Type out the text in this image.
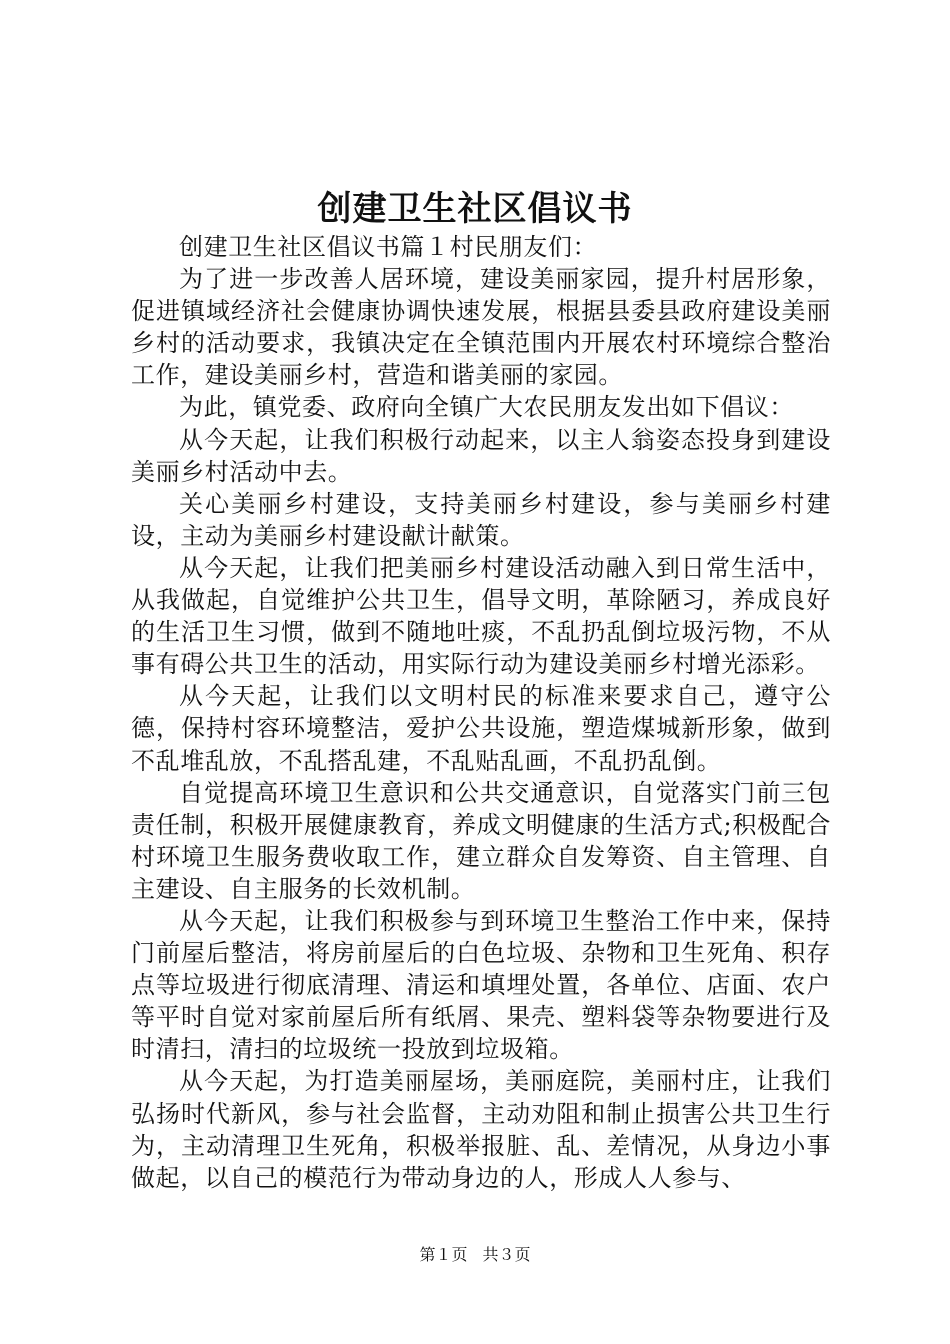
创建卫生社区倡议书

创建卫生社区倡议书篇１村民朋友们：

为了进一步改善人居环境，建设美丽家园，提升村居形象，促进镇域经济社会健康协调快速发展，根据县委县政府建设美丽乡村的活动要求，我镇决定在全镇范围内开展农村环境综合整治工作，建设美丽乡村，营造和谐美丽的家园。

为此，镇党委、政府向全镇广大农民朋友发出如下倡议：

从今天起，让我们积极行动起来，以主人翁姿态投身到建设美丽乡村活动中去。

关心美丽乡村建设，支持美丽乡村建设，参与美丽乡村建设，主动为美丽乡村建设献计献策。

从今天起，让我们把美丽乡村建设活动融入到日常生活中，从我做起，自觉维护公共卫生，倡导文明，革除陋习，养成良好的生活卫生习惯，做到不随地吐痰，不乱扔乱倒垃圾污物，不从事有碍公共卫生的活动，用实际行动为建设美丽乡村增光添彩。

从今天起，让我们以文明村民的标准来要求自己，遵守公德，保持村容环境整洁，爱护公共设施，塑造煤城新形象，做到不乱堆乱放，不乱搭乱建，不乱贴乱画，不乱扔乱倒。

自觉提高环境卫生意识和公共交通意识，自觉落实门前三包责任制，积极开展健康教育，养成文明健康的生活方式;积极配合村环境卫生服务费收取工作，建立群众自发筹资、自主管理、自主建设、自主服务的长效机制。

从今天起，让我们积极参与到环境卫生整治工作中来，保持门前屋后整洁，将房前屋后的白色垃圾、杂物和卫生死角、积存点等垃圾进行彻底清理、清运和填埋处置，各单位、店面、农户等平时自觉对家前屋后所有纸屑、果壳、塑料袋等杂物要进行及时清扫，清扫的垃圾统一投放到垃圾箱。

从今天起，为打造美丽屋场，美丽庭院，美丽村庄，让我们弘扬时代新风，参与社会监督，主动劝阻和制止损害公共卫生行为，主动清理卫生死角，积极举报脏、乱、差情况，从身边小事做起，以自己的模范行为带动身边的人，形成人人参与、

第１页 共３页
